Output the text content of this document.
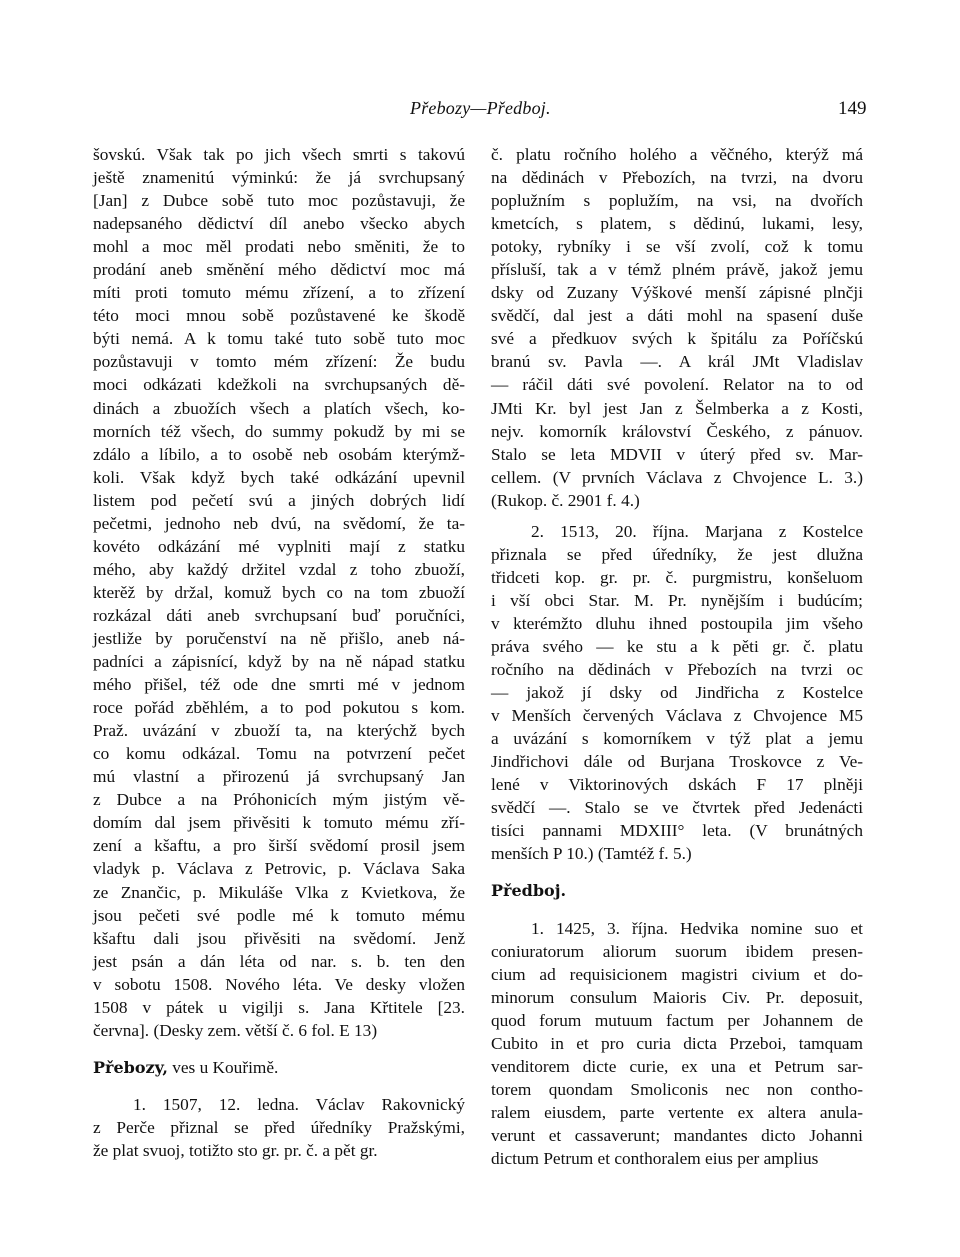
Přebozy—Předboj.	149
šovskú. Však tak po jich všech smrti s takovú
ještě znamenitú výminkú: že já svrchupsaný
[Jan] z Dubce sobě tuto moc pozůstavuji, že
nadepsaného dědictví díl anebo všecko abych
mohl a moc měl prodati nebo směniti, že to
prodání aneb směnění mého dědictví moc má
míti proti tomuto mému zřízení, a to zřízení
této moci mnou sobě pozůstavené ke škodě
býti nemá. A k tomu také tuto sobě tuto moc
pozůstavuji v tomto mém zřízení: Že budu
moci odkázati kdežkoli na svrchupsaných dě-
dinách a zbuožích všech a platích všech, ko-
morních též všech, do summy pokudž by mi se
zdálo a líbilo, a to osobě neb osobám kterýmž-
koli. Však když bych také odkázání upevnil
listem pod pečetí svú a jiných dobrých lidí
pečetmi, jednoho neb dvú, na svědomí, že ta-
kovéto odkázání mé vyplniti mají z statku
mého, aby každý držitel vzdal z toho zbuoží,
kterěž by držal, komuž bych co na tom zbuoží
rozkázal dáti aneb svrchupsaní buď poručníci,
jestliže by poručenství na ně přišlo, aneb ná-
padníci a zápisnící, když by na ně nápad statku
mého přišel, též ode dne smrti mé v jednom
roce pořád zběhlém, a to pod pokutou s kom.
Praž. uvázání v zbuoží ta, na kterýchž bych
co komu odkázal. Tomu na potvrzení pečet
mú vlastní a přirozenú já svrchupsaný Jan
z Dubce a na Próhonicích mým jistým vě-
domím dal jsem přivěsiti k tomuto mému zří-
zení a kšaftu, a pro širší svědomí prosil jsem
vladyk p. Václava z Petrovic, p. Václava Saka
ze Znančic, p. Mikuláše Vlka z Kvietkova, že
jsou pečeti své podle mé k tomuto mému
kšaftu dali jsou přivěsiti na svědomí. Jenž
jest psán a dán léta od nar. s. b. ten den
v sobotu 1508. Nového léta. Ve desky vložen
1508 v pátek u vigilji s. Jana Křtitele [23.
června]. (Desky zem. větší č. 6 fol. E 13)
Přebozy, ves u Kouřimě.
1. 1507, 12. ledna. Václav Rakovnický
z Perče přiznal se před úředníky Pražskými,
že plat svuoj, totižto sto gr. pr. č. a pět gr.
č. platu ročního holého a věčného, kterýž má
na dědinách v Přebozích, na tvrzi, na dvoru
poplužním s poplužím, na vsi, na dvořích
kmetcích, s platem, s dědinú, lukami, lesy,
potoky, rybníky i se vší zvolí, což k tomu
přísluší, tak a v témž plném právě, jakož jemu
dsky od Zuzany Výškové menší zápisné plnčji
svědčí, dal jest a dáti mohl na spasení duše
své a předkuov svých k špitálu za Poříčskú
branú sv. Pavla —. A král JMt Vladislav
— ráčil dáti své povolení. Relator na to od
JMti Kr. byl jest Jan z Šelmberka a z Kosti,
nejv. komorník království Českého, z pánuov.
Stalo se leta MDVII v úterý před sv. Mar-
cellem. (V prvních Václava z Chvojence L. 3.)
(Rukop. č. 2901 f. 4.)
2. 1513, 20. října. Marjana z Kostelce
přiznala se před úředníky, že jest dlužna
třidceti kop. gr. pr. č. purgmistru, konšeluom
i vší obci Star. M. Pr. nynějším i budúcím;
v kterémžto dluhu ihned postoupila jim všeho
práva svého — ke stu a k pěti gr. č. platu
ročního na dědinách v Přebozích na tvrzi oc
— jakož jí dsky od Jindřicha z Kostelce
v Menších červených Václava z Chvojence M5
a uvázání s komorníkem v týž plat a jemu
Jindřichovi dále od Burjana Troskovce z Ve-
lené v Viktorinových dskách F 17 plněji
svědčí —. Stalo se ve čtvrtek před Jedenácti
tisíci pannami MDXIII° leta. (V brunátných
menších P 10.) (Tamtéž f. 5.)
Předboj.
1. 1425, 3. října. Hedvika nomine suo et
coniuratorum aliorum suorum ibidem presen-
cium ad requisicionem magistri civium et do-
minorum consulum Maioris Civ. Pr. deposuit,
quod forum mutuum factum per Johannem de
Cubito in et pro curia dicta Przeboi, tamquam
venditorem dicte curie, ex una et Petrum sar-
torem quondam Smoliconis nec non contho-
ralem eiusdem, parte vertente ex altera anula-
verunt et cassaverunt; mandantes dicto Johanni
dictum Petrum et conthoralem eius per amplius
